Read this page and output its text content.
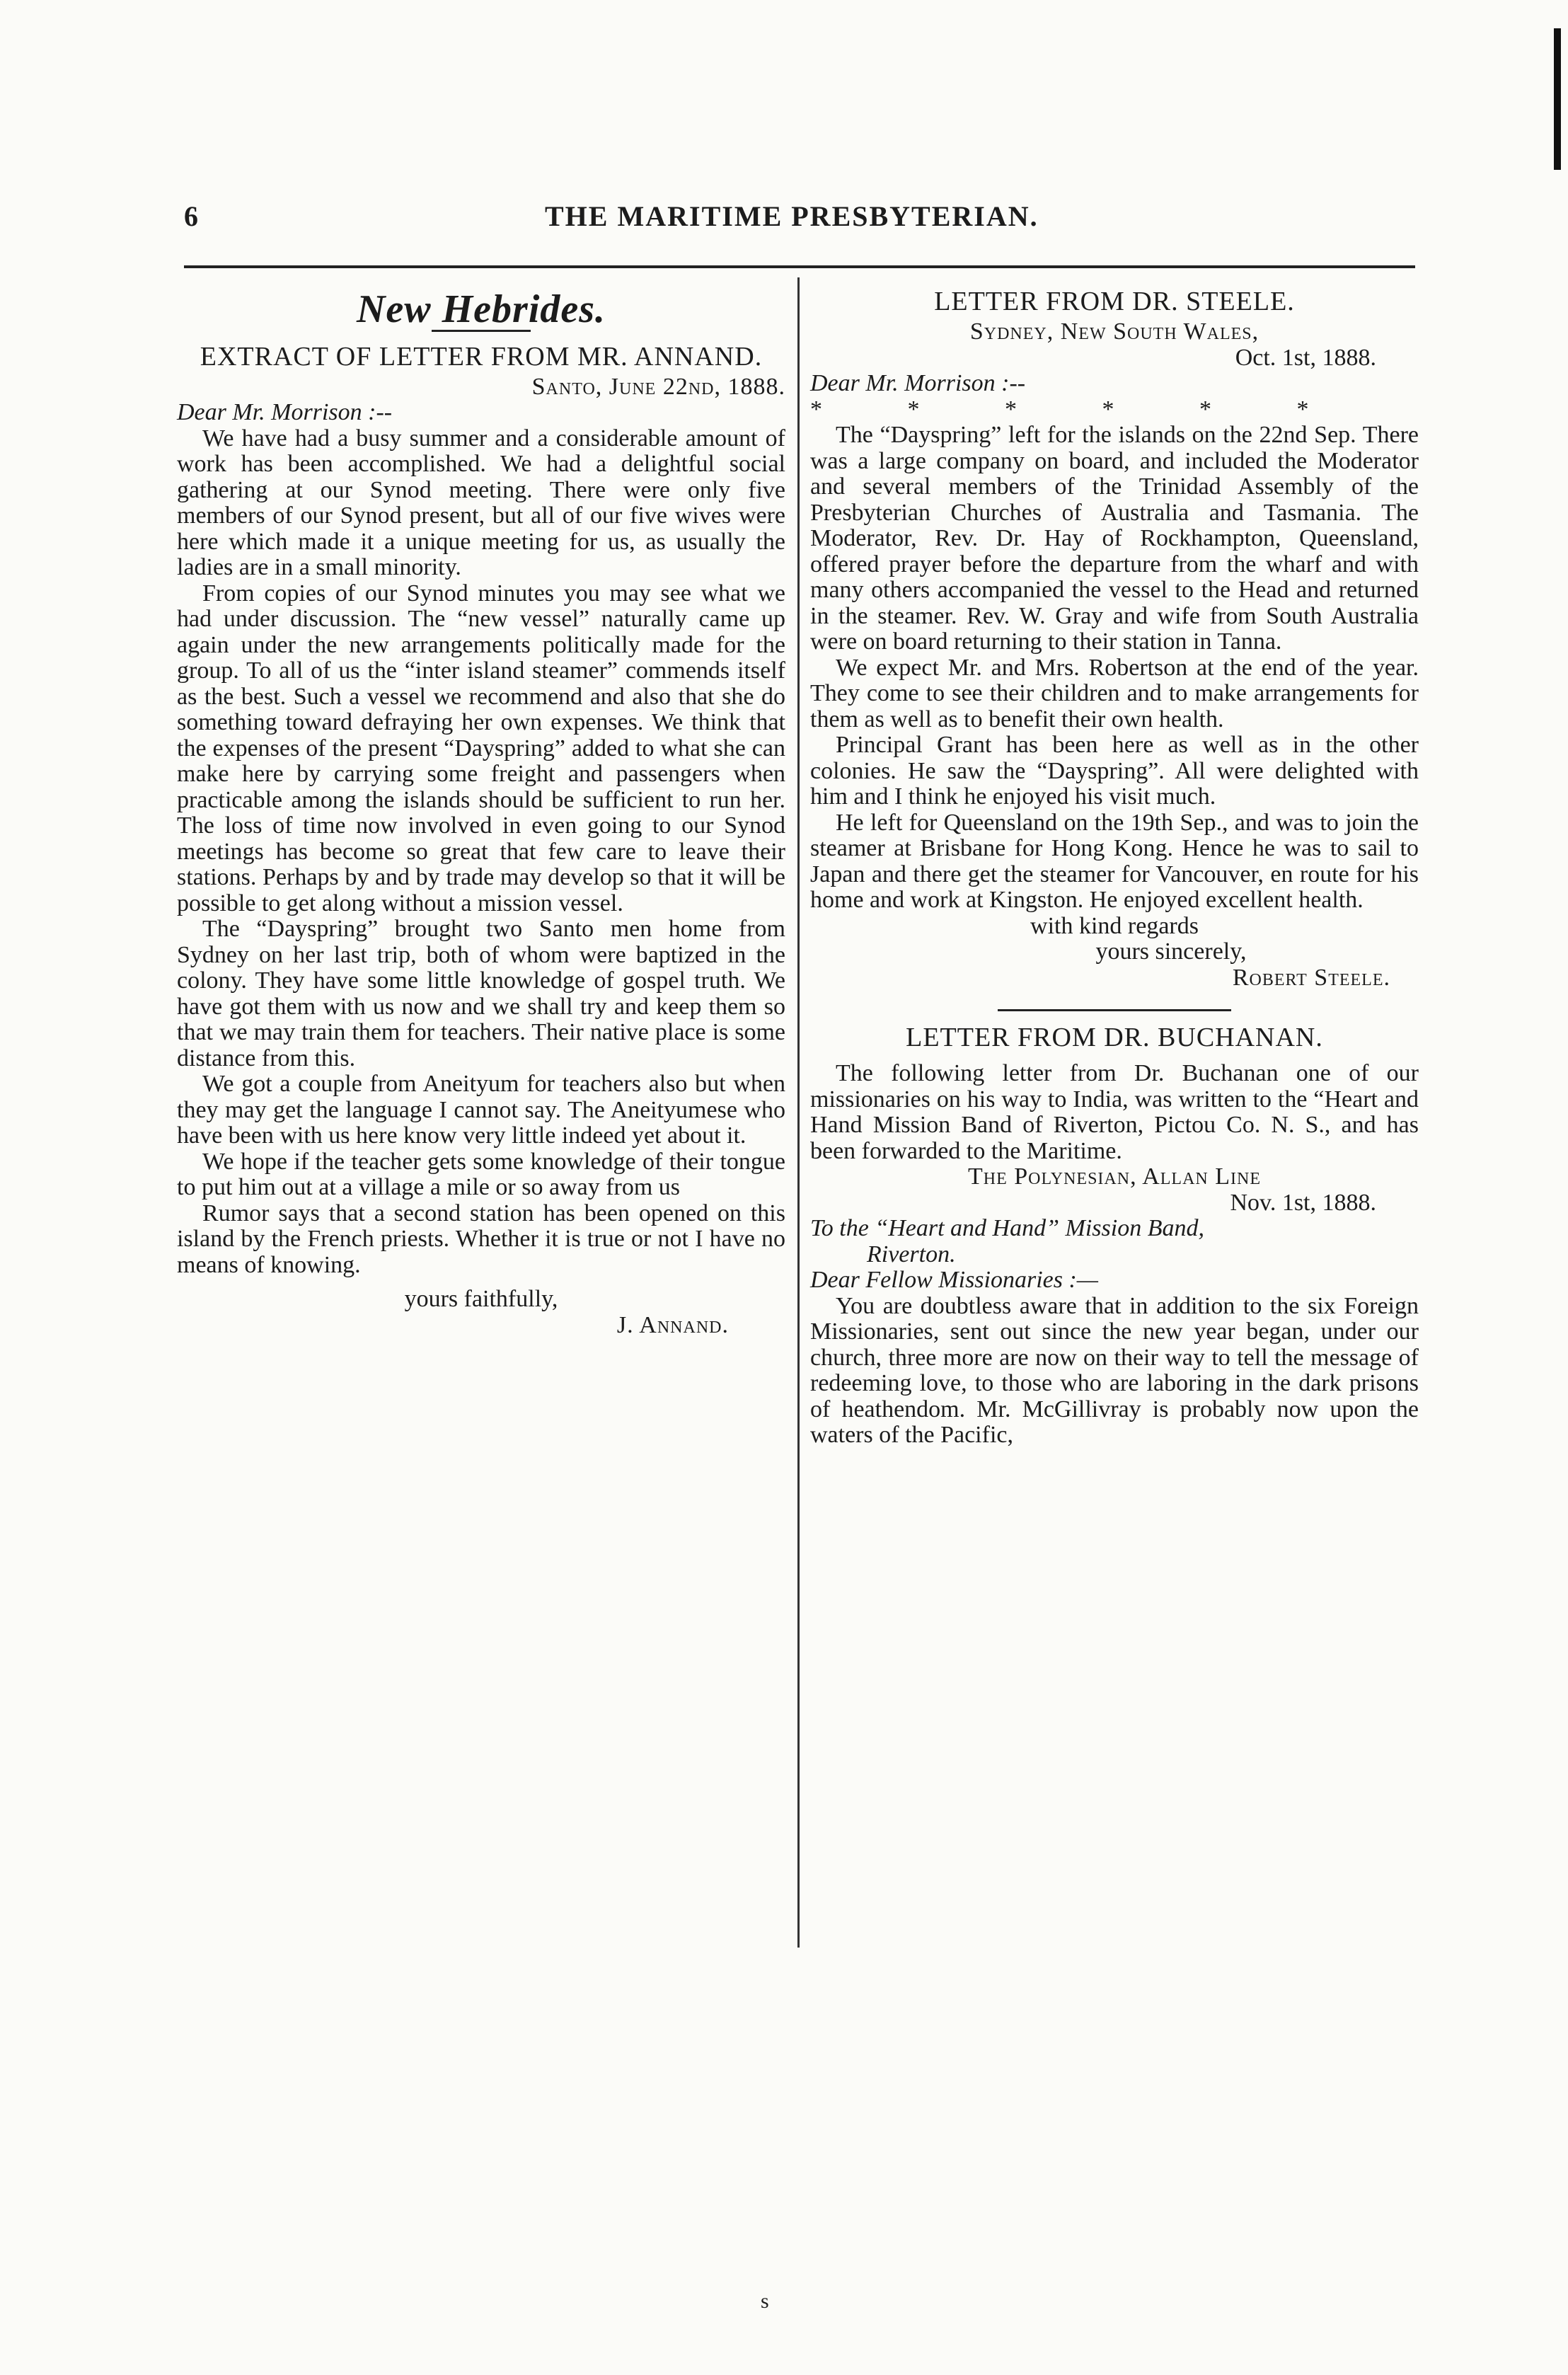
6	THE MARITIME PRESBYTERIAN.
New Hebrides.
EXTRACT OF LETTER FROM MR. ANNAND.

Santo, June 22nd, 1888.

Dear Mr. Morrison :--

We have had a busy summer and a considerable amount of work has been accomplished. We had a delightful social gathering at our Synod meeting. There were only five members of our Synod present, but all of our five wives were here which made it a unique meeting for us, as usually the ladies are in a small minority.

From copies of our Synod minutes you may see what we had under discussion. The “new vessel” naturally came up again under the new arrangements politically made for the group. To all of us the “inter island steamer” commends itself as the best. Such a vessel we recommend and also that she do something toward defraying her own expenses. We think that the expenses of the present “Dayspring” added to what she can make here by carrying some freight and passengers when practicable among the islands should be sufficient to run her. The loss of time now involved in even going to our Synod meetings has become so great that few care to leave their stations. Perhaps by and by trade may develop so that it will be possible to get along without a mission vessel.

The “Dayspring” brought two Santo men home from Sydney on her last trip, both of whom were baptized in the colony. They have some little knowledge of gospel truth. We have got them with us now and we shall try and keep them so that we may train them for teachers. Their native place is some distance from this.

We got a couple from Aneityum for teachers also but when they may get the language I cannot say. The Aneityumese who have been with us here know very little indeed yet about it.

We hope if the teacher gets some knowledge of their tongue to put him out at a village a mile or so away from us

Rumor says that a second station has been opened on this island by the French priests. Whether it is true or not I have no means of knowing.

yours faithfully,

J. Annand.

LETTER FROM DR. STEELE.

Sydney, New South Wales,

Oct. 1st, 1888.

Dear Mr. Morrison :--

* * * * * *

The “Dayspring” left for the islands on the 22nd Sep. There was a large company on board, and included the Moderator and several members of the Trinidad Assembly of the Presbyterian Churches of Australia and Tasmania. The Moderator, Rev. Dr. Hay of Rockhampton, Queensland, offered prayer before the departure from the wharf and with many others accompanied the vessel to the Head and returned in the steamer. Rev. W. Gray and wife from South Australia were on board returning to their station in Tanna.

We expect Mr. and Mrs. Robertson at the end of the year. They come to see their children and to make arrangements for them as well as to benefit their own health.

Principal Grant has been here as well as in the other colonies. He saw the “Dayspring”. All were delighted with him and I think he enjoyed his visit much.

He left for Queensland on the 19th Sep., and was to join the steamer at Brisbane for Hong Kong. Hence he was to sail to Japan and there get the steamer for Vancouver, en route for his home and work at Kingston. He enjoyed excellent health.

with kind regards

yours sincerely,

Robert Steele.

LETTER FROM DR. BUCHANAN.

The following letter from Dr. Buchanan one of our missionaries on his way to India, was written to the “Heart and Hand Mission Band of Riverton, Pictou Co. N. S., and has been forwarded to the Maritime.

The Polynesian, Allan Line

Nov. 1st, 1888.

To the “Heart and Hand” Mission Band,

Riverton.

Dear Fellow Missionaries :—

You are doubtless aware that in addition to the six Foreign Missionaries, sent out since the new year began, under our church, three more are now on their way to tell the message of redeeming love, to those who are laboring in the dark prisons of heathendom. Mr. McGillivray is probably now upon the waters of the Pacific,

s
